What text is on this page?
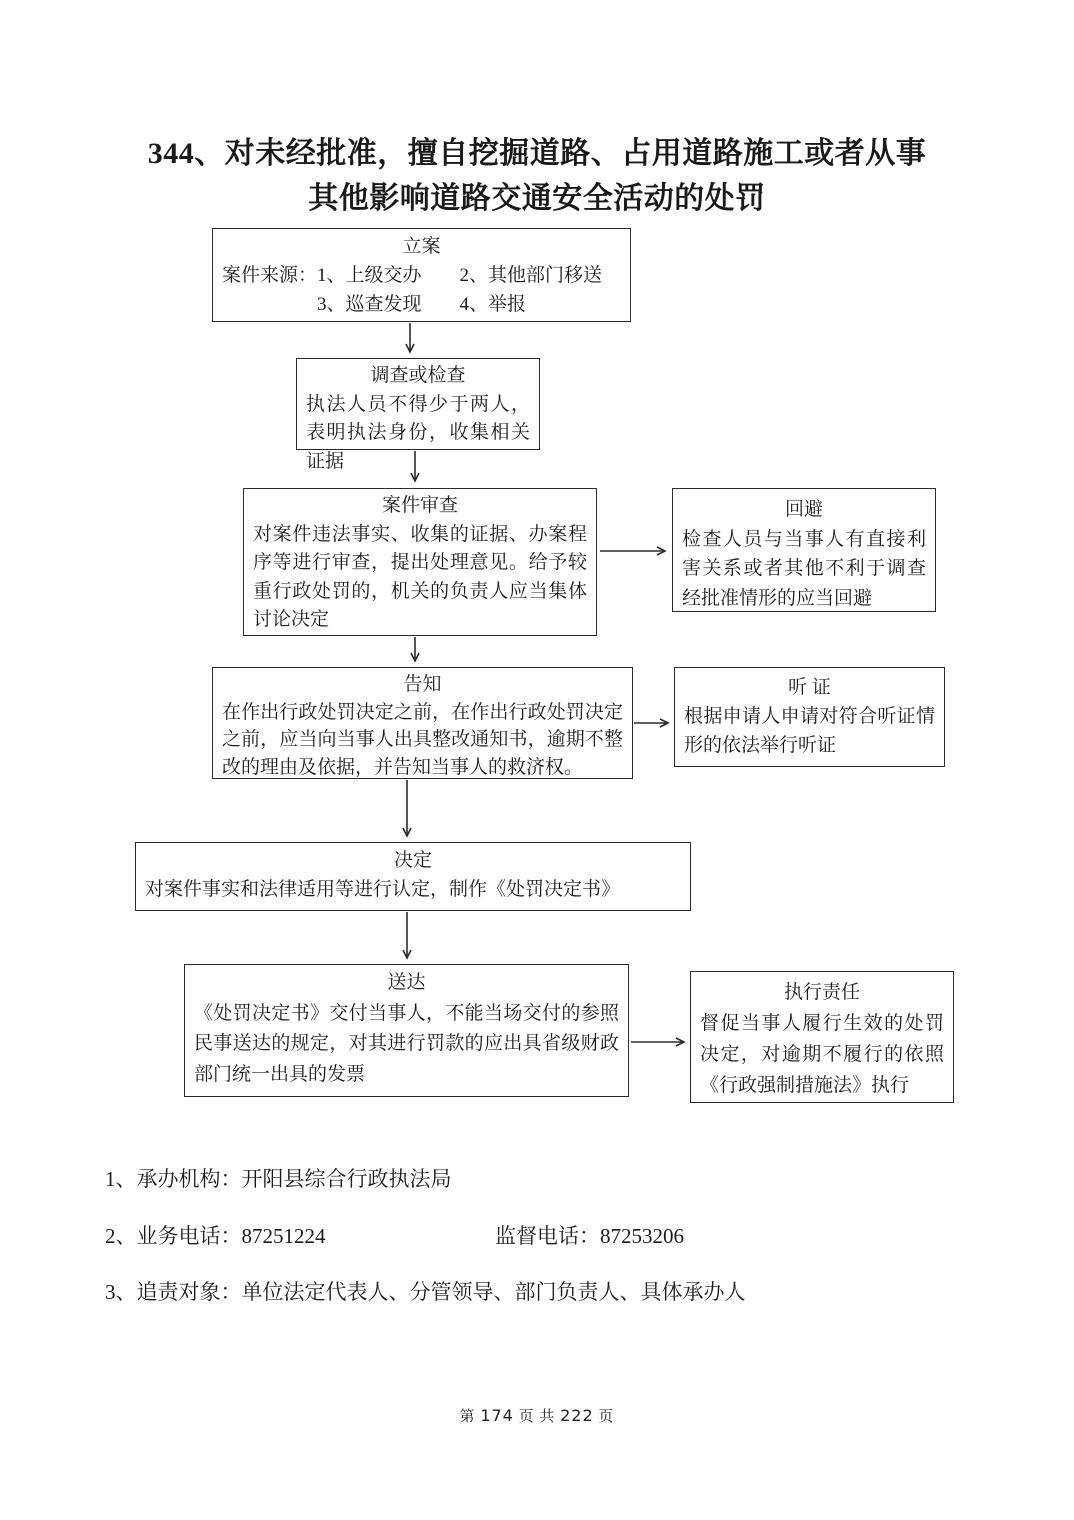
344、对未经批准，擅自挖掘道路、占用道路施工或者从事
其他影响道路交通安全活动的处罚
立案
案件来源：1、上级交办　　2、其他部门移送
3、巡查发现　　4、举报
调查或检查
执法人员不得少于两人，表明执法身份，收集相关证据
案件审查
对案件违法事实、收集的证据、办案程序等进行审查，提出处理意见。给予较重行政处罚的，机关的负责人应当集体讨论决定
回避
检查人员与当事人有直接利害关系或者其他不利于调查经批准情形的应当回避
告知
在作出行政处罚决定之前，在作出行政处罚决定之前，应当向当事人出具整改通知书，逾期不整改的理由及依据，并告知当事人的救济权。
听 证
根据申请人申请对符合听证情形的依法举行听证
决定
对案件事实和法律适用等进行认定，制作《处罚决定书》
送达
《处罚决定书》交付当事人，不能当场交付的参照民事送达的规定，对其进行罚款的应出具省级财政部门统一出具的发票
执行责任
督促当事人履行生效的处罚决定，对逾期不履行的依照《行政强制措施法》执行
1、承办机构：开阳县综合行政执法局
2、业务电话：87251224	监督电话：87253206
3、追责对象：单位法定代表人、分管领导、部门负责人、具体承办人
第 174 页 共 222 页
